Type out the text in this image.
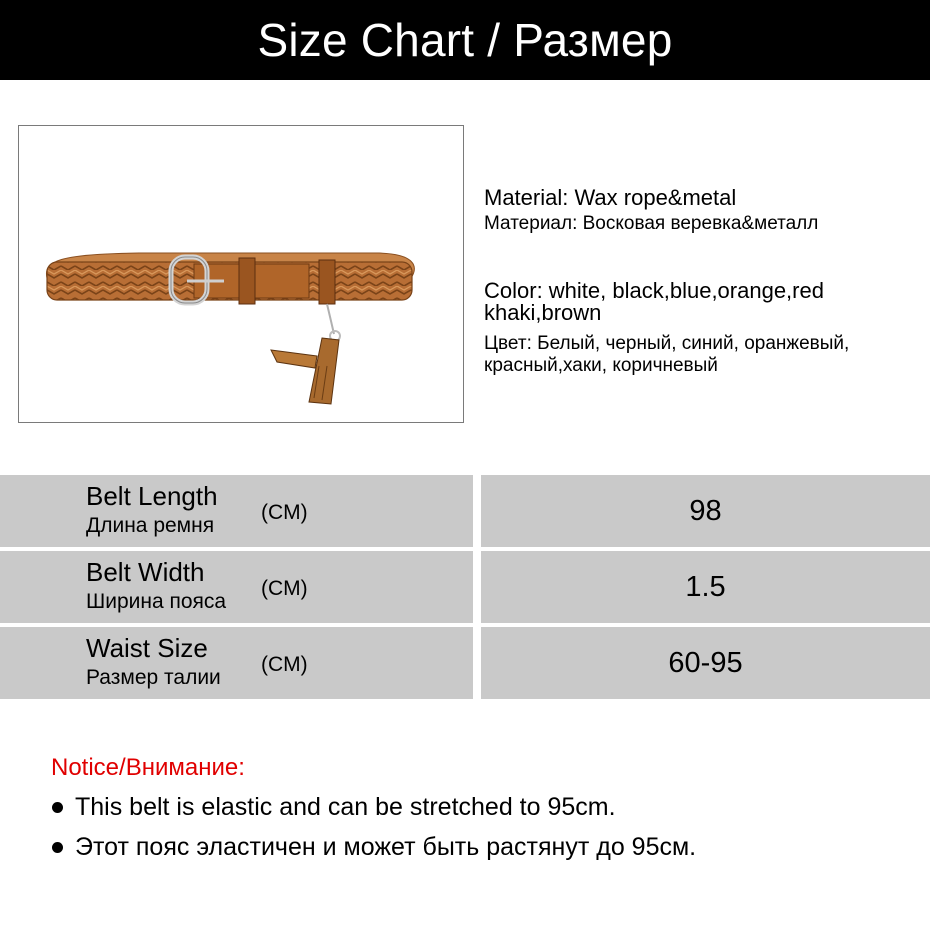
Size Chart / Размер
Material: Wax rope&metal
Материал: Восковая веревка&металл
Color: white, black,blue,orange,red
khaki,brown
Цвет: Белый, черный, синий, оранжевый,
красный,хаки, коричневый
Belt Length
Длина ремня
(CM)	98
Belt Width
Ширина пояса
(CM)	1.5
Waist Size
Размер талии
(CM)	60-95
Notice/Внимание:
This belt is elastic and can be stretched to 95cm.
Этот пояс эластичен и может быть растянут до 95см.
